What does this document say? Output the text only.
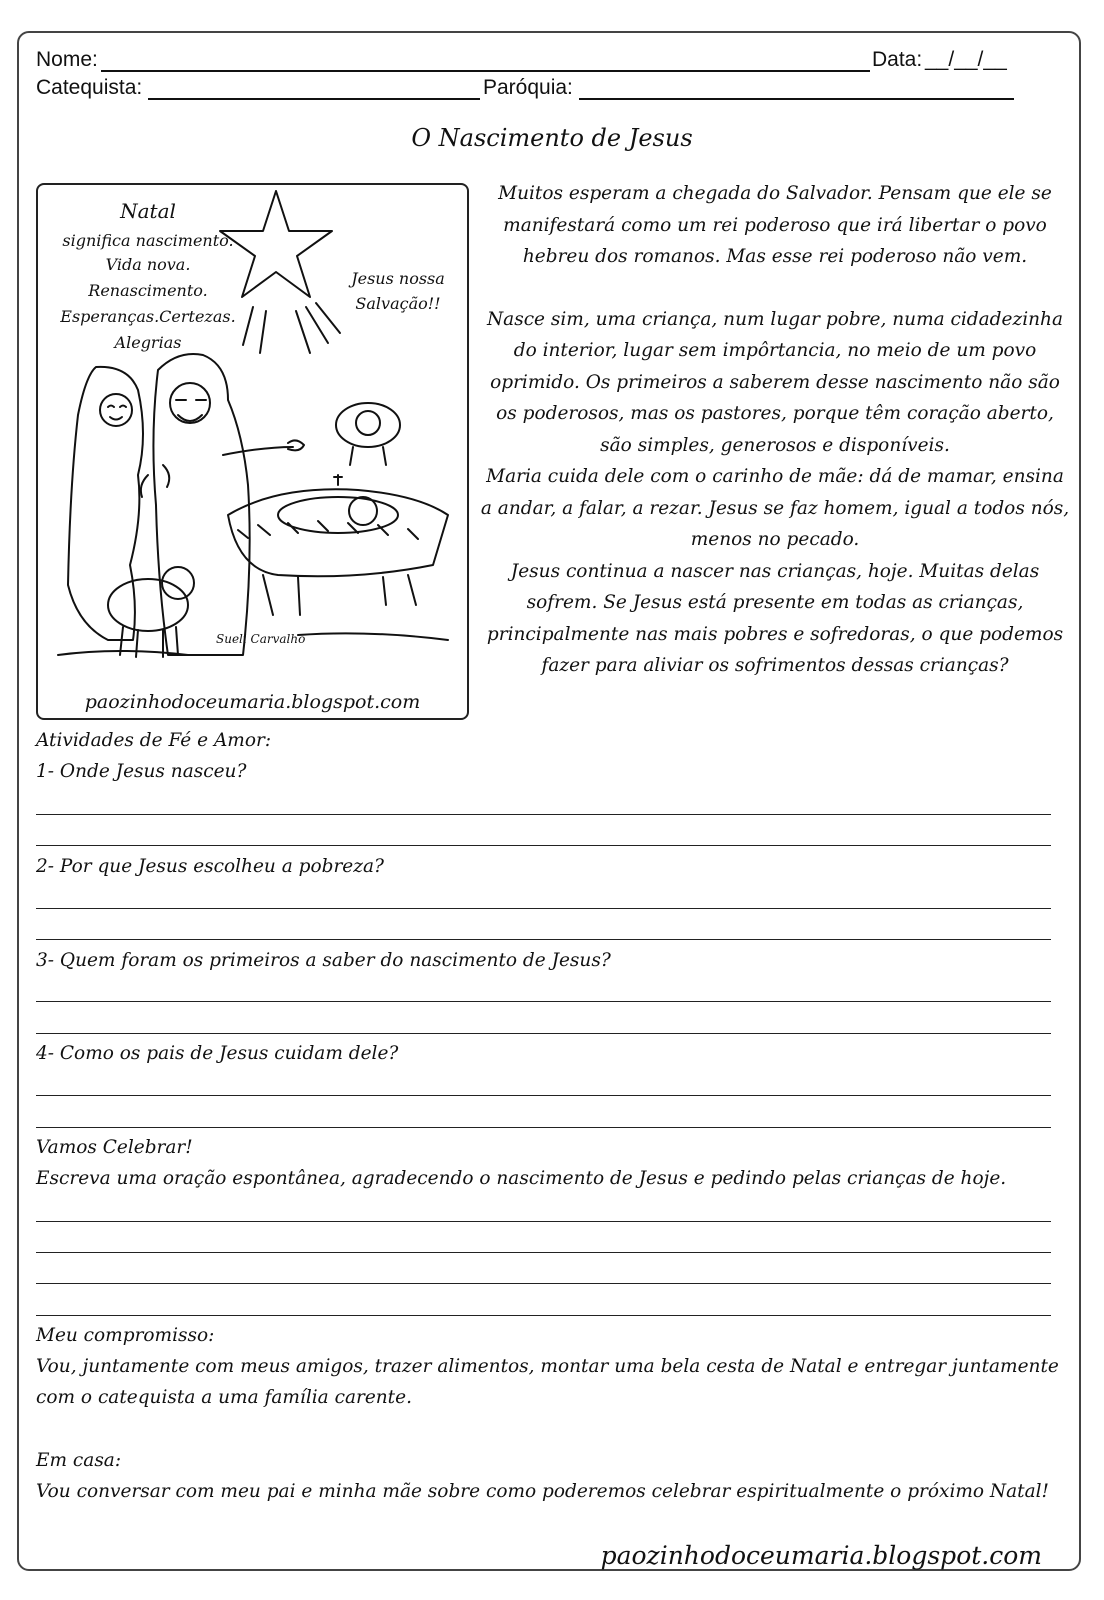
Nome:	Data: __/__/__
Catequista:	Paróquia:
O Nascimento de Jesus
Natal
significa nascimento.
Vida nova.
Renascimento.
Esperanças.Certezas.
Alegrias
Jesus nossa
Salvação!!
Sueli Carvalho
paozinhodoceumaria.blogspot.com

Muitos esperam a chegada do Salvador. Pensam que ele se manifestará como um rei poderoso que irá libertar o povo hebreu dos romanos. Mas esse rei poderoso não vem.

Nasce sim, uma criança, num lugar pobre, numa cidadezinha do interior, lugar sem impôrtancia, no meio de um povo oprimido. Os primeiros a saberem desse nascimento não são os poderosos, mas os pastores, porque têm coração aberto, são simples, generosos e disponíveis.

Maria cuida dele com o carinho de mãe: dá de mamar, ensina a andar, a falar, a rezar. Jesus se faz homem, igual a todos nós, menos no pecado.

Jesus continua a nascer nas crianças, hoje. Muitas delas sofrem. Se Jesus está presente em todas as crianças, principalmente nas mais pobres e sofredoras, o que podemos fazer para aliviar os sofrimentos dessas crianças?

Atividades de Fé e Amor:
1- Onde Jesus nasceu?
2- Por que Jesus escolheu a pobreza?
3- Quem foram os primeiros a saber do nascimento de Jesus?
4- Como os pais de Jesus cuidam dele?
Vamos Celebrar!
Escreva uma oração espontânea, agradecendo o nascimento de Jesus e pedindo pelas crianças de hoje.
Meu compromisso:
Vou, juntamente com meus amigos, trazer alimentos, montar uma bela cesta de Natal e entregar juntamente
com o catequista a uma família carente.
Em casa:
Vou conversar com meu pai e minha mãe sobre como poderemos celebrar espiritualmente o próximo Natal!
paozinhodoceumaria.blogspot.com
